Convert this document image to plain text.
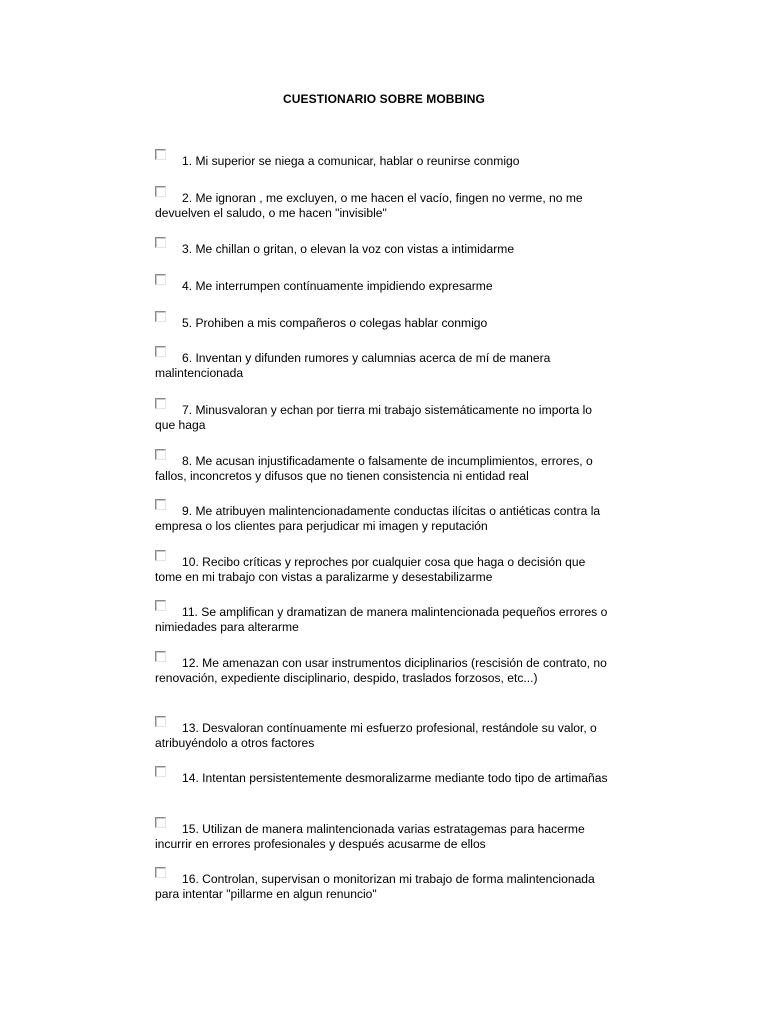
CUESTIONARIO SOBRE MOBBING

1. Mi superior se niega a comunicar, hablar o reunirse conmigo

2. Me ignoran , me excluyen, o me hacen el vacío, fingen no verme, no me devuelven el saludo, o me hacen "invisible"

3. Me chillan o gritan, o elevan la voz con vistas a intimidarme

4. Me interrumpen contínuamente impidiendo expresarme

5. Prohiben a mis compañeros o colegas hablar conmigo

6. Inventan y difunden rumores y calumnias acerca de mí de manera malintencionada

7. Minusvaloran y echan por tierra mi trabajo sistemáticamente no importa lo que haga

8. Me acusan injustificadamente o falsamente de incumplimientos, errores, o fallos, inconcretos y difusos que no tienen consistencia ni entidad real

9. Me atribuyen malintencionadamente conductas ilícitas o antiéticas contra la empresa o los clientes para perjudicar mi imagen y reputación

10. Recibo críticas y reproches por cualquier cosa que haga o decisión que tome en mi trabajo con vistas a paralizarme y desestabilizarme

11. Se amplifican y dramatizan de manera malintencionada pequeños errores o nimiedades para alterarme

12. Me amenazan con usar instrumentos diciplinarios (rescisión de contrato, no renovación, expediente disciplinario, despido, traslados forzosos, etc...)

13. Desvaloran contínuamente mi esfuerzo profesional, restándole su valor, o atribuyéndolo a otros factores

14. Intentan persistentemente desmoralizarme mediante todo tipo de artimañas

15. Utilizan de manera malintencionada varias estratagemas para hacerme incurrir en errores profesionales y después acusarme de ellos

16. Controlan, supervisan o monitorizan mi trabajo de forma malintencionada para intentar "pillarme en algun renuncio"
